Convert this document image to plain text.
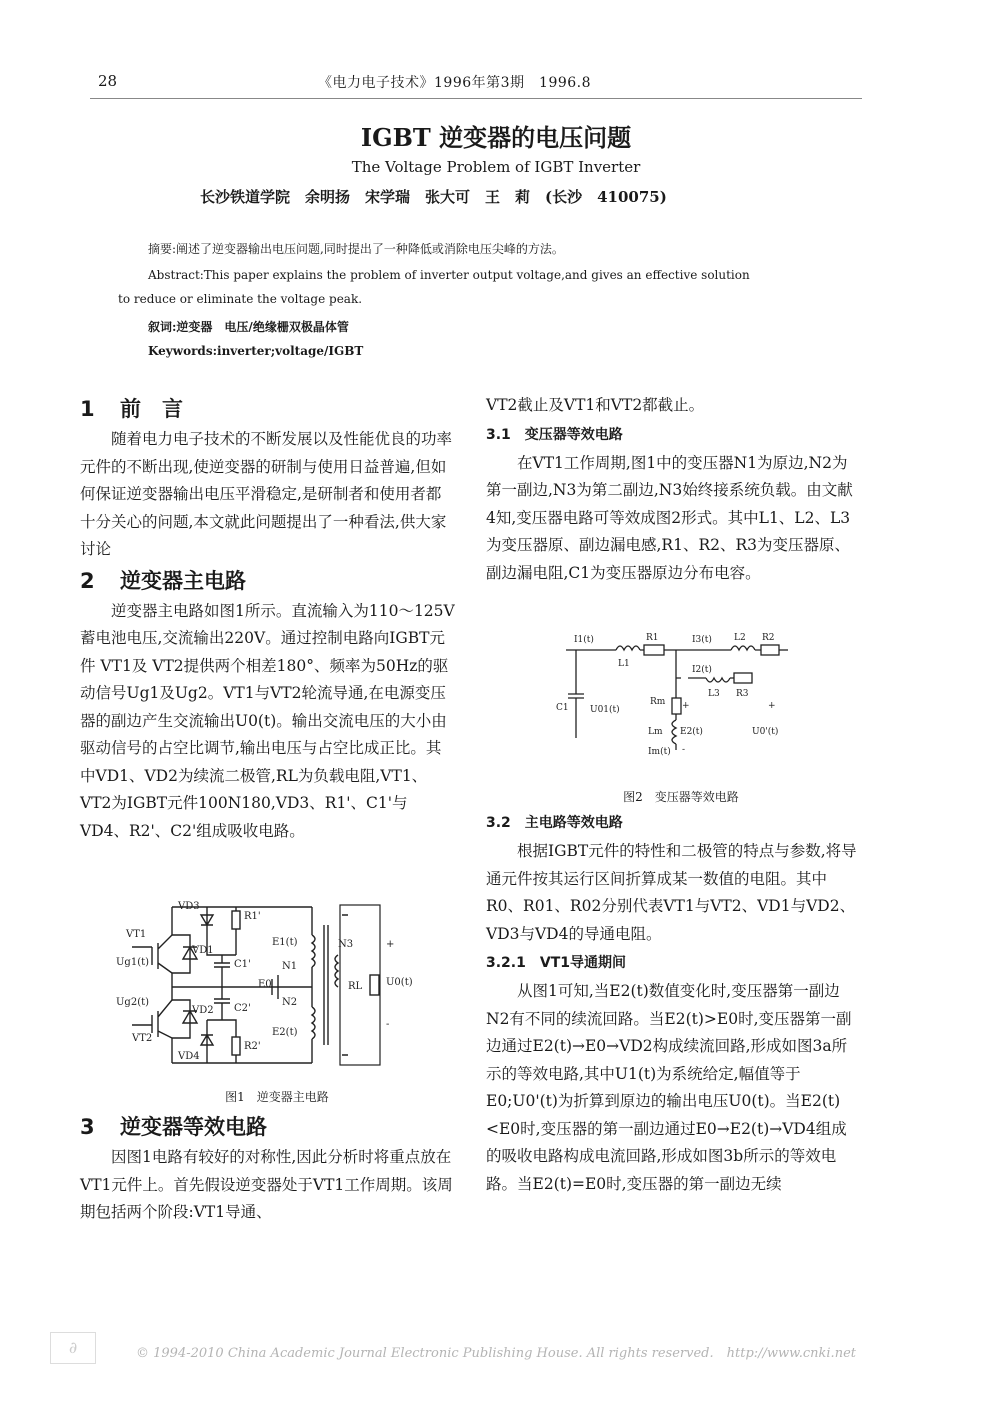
28	《电力电子技术》1996年第3期　1996.8
IGBT 逆变器的电压问题
The Voltage Problem of IGBT Inverter
长沙铁道学院　余明扬　宋学瑞　张大可　王　莉　(长沙　410075)
摘要:阐述了逆变器输出电压问题,同时提出了一种降低或消除电压尖峰的方法。
Abstract:This paper explains the problem of inverter output voltage,and gives an effective solution
to reduce or eliminate the voltage peak.
叙词:逆变器　电压/绝缘栅双极晶体管
Keywords:inverter;voltage/IGBT
1 前　言

随着电力电子技术的不断发展以及性能优良的功率元件的不断出现,使逆变器的研制与使用日益普遍,但如何保证逆变器输出电压平滑稳定,是研制者和使用者都十分关心的问题,本文就此问题提出了一种看法,供大家讨论

2 逆变器主电路

逆变器主电路如图1所示。直流输入为110～125V蓄电池电压,交流输出220V。通过控制电路向IGBT元件 VT1及 VT2提供两个相差180°、频率为50Hz的驱动信号Ug1及Ug2。VT1与VT2轮流导通,在电源变压器的副边产生交流输出U0(t)。输出交流电压的大小由驱动信号的占空比调节,输出电压与占空比成正比。其中VD1、VD2为续流二极管,RL为负载电阻,VT1、VT2为IGBT元件100N180,VD3、R1'、C1'与VD4、R2'、C2'组成吸收电路。

VD3
R1'
VT1
Ug1(t)
VD1
E1(t)
C1'	N1
N3
E0
N2
RL U0(t)
Ug2(t)
VD2 C2'
VT2
E2(t)
VD4
R2'
+
-
图1　逆变器主电路
3 逆变器等效电路

因图1电路有较好的对称性,因此分析时将重点放在VT1元件上。首先假设逆变器处于VT1工作周期。该周期包括两个阶段:VT1导通、

VT2截止及VT1和VT2都截止。

3.1　变压器等效电路

在VT1工作周期,图1中的变压器N1为原边,N2为第一副边,N3为第二副边,N3始终接系统负载。由文献4知,变压器电路可等效成图2形式。其中L1、L2、L3为变压器原、副边漏电感,R1、R2、R3为变压器原、副边漏电阻,C1为变压器原边分布电容。

I1(t)	R1
L1
I3(t) L2 R2
I2(t)
C1 U01(t)
Rm
L3 R3
Lm E2(t)	U0'(t)
Im(t)
+	+
-
图2　变压器等效电路
3.2　主电路等效电路

根据IGBT元件的特性和二极管的特点与参数,将导通元件按其运行区间折算成某一数值的电阻。其中R0、R01、R02分别代表VT1与VT2、VD1与VD2、VD3与VD4的导通电阻。

3.2.1　VT1导通期间

从图1可知,当E2(t)数值变化时,变压器第一副边N2有不同的续流回路。当E2(t)>E0时,变压器第一副边通过E2(t)→E0→VD2构成续流回路,形成如图3a所示的等效电路,其中U1(t)为系统给定,幅值等于E0;U0'(t)为折算到原边的输出电压U0(t)。当E2(t)<E0时,变压器的第一副边通过E0→E2(t)→VD4组成的吸收电路构成电流回路,形成如图3b所示的等效电路。当E2(t)=E0时,变压器的第一副边无续

∂	© 1994-2010 China Academic Journal Electronic Publishing House. All rights reserved.　http://www.cnki.net
